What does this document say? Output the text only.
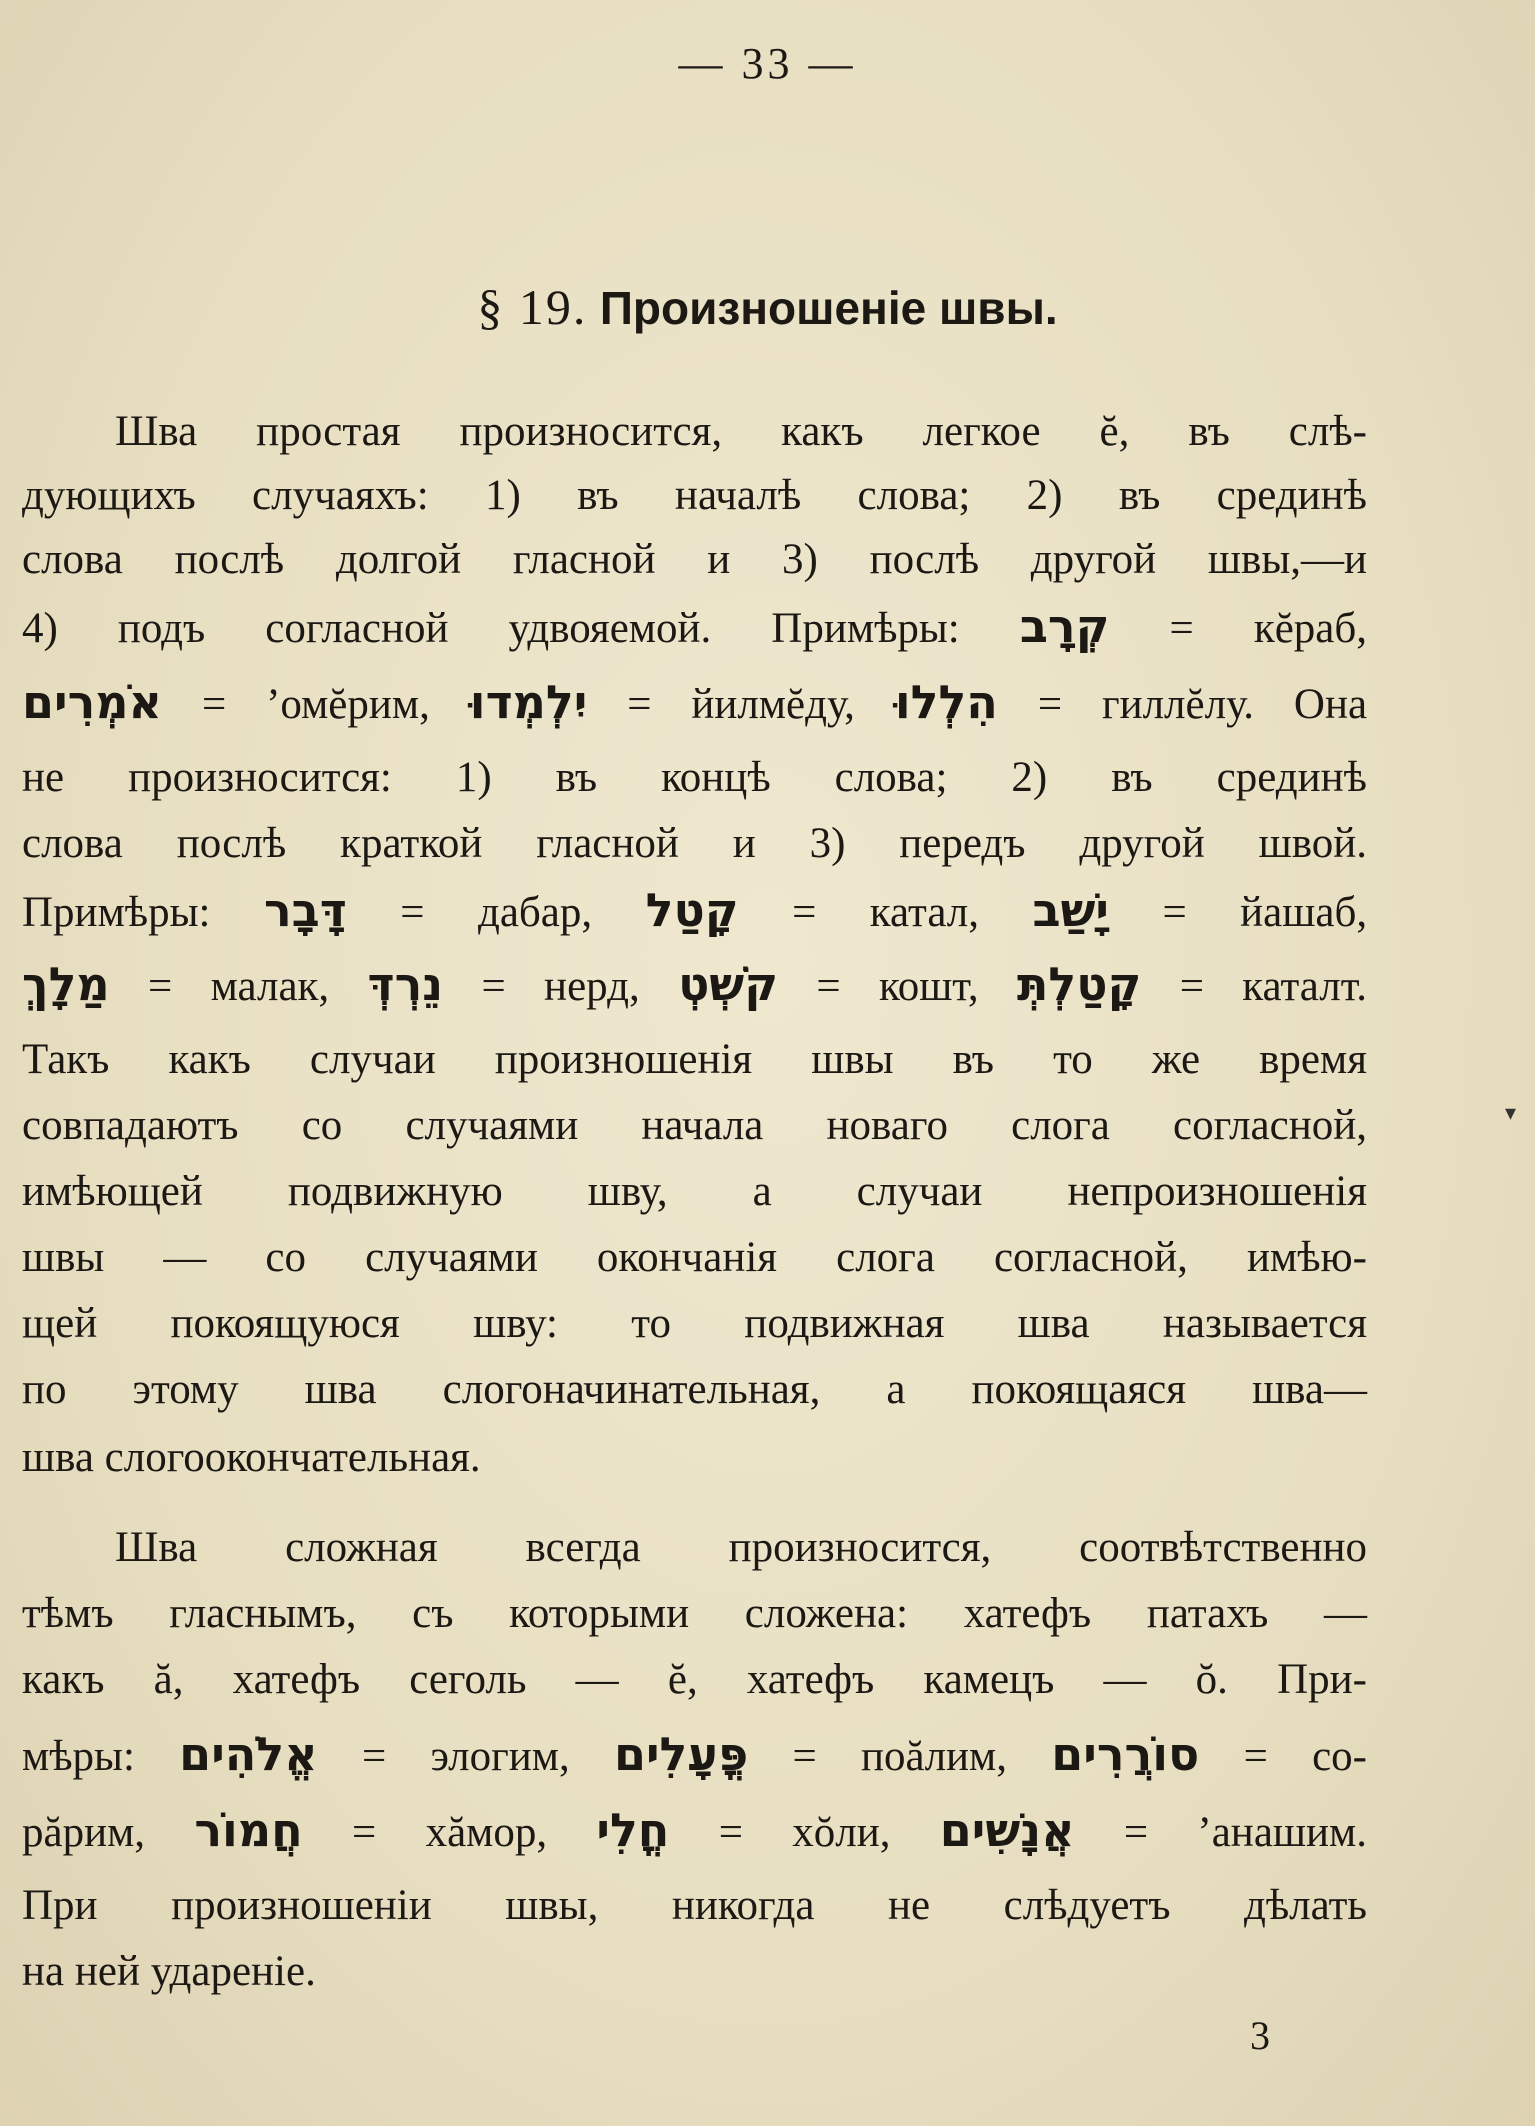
— 33 —
§ 19. Произношеніе швы.
Шва простая произносится, какъ легкое ĕ, въ слѣ-
дующихъ случаяхъ: 1) въ началѣ слова; 2) въ срединѣ
слова послѣ долгой гласной и 3) послѣ другой швы,—и
4) подъ согласной удвояемой. Примѣры: קְרָב = кĕраб,
אֹמְרִים = ’омĕрим, יִלְמְדוּ = йилмĕду, הִלְלוּ = гиллĕлу. Она
не произносится: 1) въ концѣ слова; 2) въ срединѣ
слова послѣ краткой гласной и 3) передъ другой швой.
Примѣры: דָּבָר = дабар, קָטַל = катал, יָשַׁב = йашаб,
מַלָךְ = малак, נֵרְדְּ = нерд, קֹשְׁטְ = кошт, קָטַלְתְּ = каталт.
Такъ какъ случаи произношенія швы въ то же время
совпадаютъ со случаями начала новаго слога согласной,
имѣющей подвижную шву, а случаи непроизношенія
швы — со случаями окончанія слога согласной, имѣю-
щей покоящуюся шву: то подвижная шва называется
по этому шва слогоначинательная, а покоящаяся шва—
шва слогоокончательная.
Шва сложная всегда произносится, соотвѣтственно
тѣмъ гласнымъ, съ которыми сложена: хатефъ патахъ —
какъ ă, хатефъ сеголь — ĕ, хатефъ камецъ — ŏ. При-
мѣры: אֱלֹהִים = элогим, פֳּעָלִים = поăлим, סוֹרֲרִים = со-
рăрим, חֲמוֹר = хăмор, חֳלִי = хŏли, אֲנָשִׁים = ’анашим.
При произношеніи швы, никогда не слѣдуетъ дѣлать
на ней удареніе.
3
▾
